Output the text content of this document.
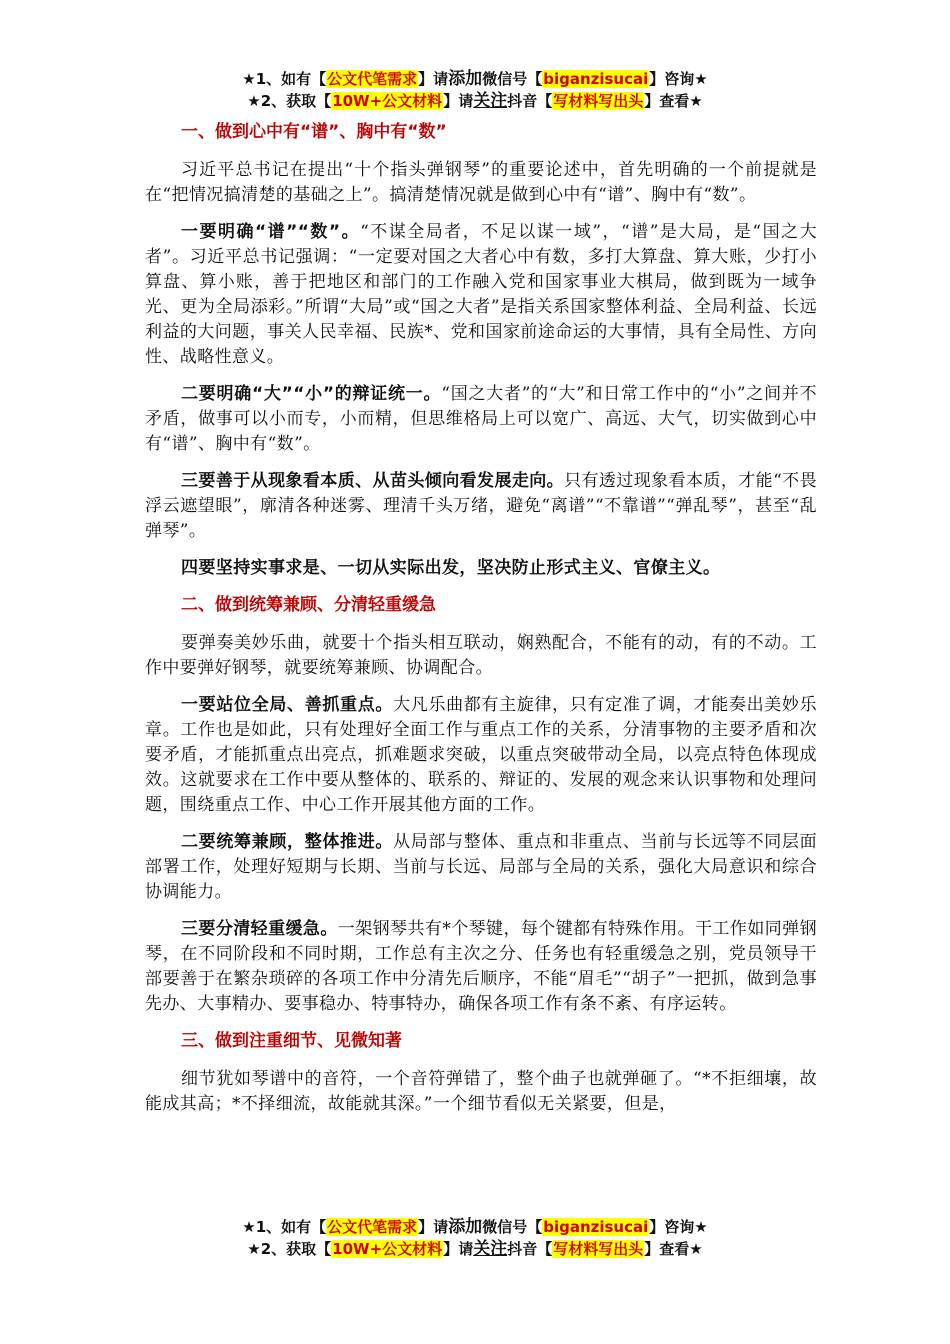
★1、如有【公文代笔需求】请添加微信号【biganzisucai】咨询★
★2、获取【10W+公文材料】请关注抖音【写材料写出头】查看★
一、做到心中有“谱”、胸中有“数”

习近平总书记在提出“十个指头弹钢琴”的重要论述中，首先明确的一个前提就是在“把情况搞清楚的基础之上”。搞清楚情况就是做到心中有“谱”、胸中有“数”。

一要明确“谱”“数”。“不谋全局者，不足以谋一域”，“谱”是大局，是“国之大者”。习近平总书记强调：“一定要对国之大者心中有数，多打大算盘、算大账，少打小算盘、算小账，善于把地区和部门的工作融入党和国家事业大棋局，做到既为一域争光、更为全局添彩。”所谓“大局”或“国之大者”是指关系国家整体利益、全局利益、长远利益的大问题，事关人民幸福、民族*、党和国家前途命运的大事情，具有全局性、方向性、战略性意义。

二要明确“大”“小”的辩证统一。“国之大者”的“大”和日常工作中的“小”之间并不矛盾，做事可以小而专，小而精，但思维格局上可以宽广、高远、大气，切实做到心中有“谱”、胸中有“数”。

三要善于从现象看本质、从苗头倾向看发展走向。只有透过现象看本质，才能“不畏浮云遮望眼”，廓清各种迷雾、理清千头万绪，避免“离谱”“不靠谱”“弹乱琴”，甚至“乱弹琴”。

四要坚持实事求是、一切从实际出发，坚决防止形式主义、官僚主义。

二、做到统筹兼顾、分清轻重缓急

要弹奏美妙乐曲，就要十个指头相互联动，娴熟配合，不能有的动，有的不动。工作中要弹好钢琴，就要统筹兼顾、协调配合。

一要站位全局、善抓重点。大凡乐曲都有主旋律，只有定准了调，才能奏出美妙乐章。工作也是如此，只有处理好全面工作与重点工作的关系，分清事物的主要矛盾和次要矛盾，才能抓重点出亮点，抓难题求突破，以重点突破带动全局，以亮点特色体现成效。这就要求在工作中要从整体的、联系的、辩证的、发展的观念来认识事物和处理问题，围绕重点工作、中心工作开展其他方面的工作。

二要统筹兼顾，整体推进。从局部与整体、重点和非重点、当前与长远等不同层面部署工作，处理好短期与长期、当前与长远、局部与全局的关系，强化大局意识和综合协调能力。

三要分清轻重缓急。一架钢琴共有*个琴键，每个键都有特殊作用。干工作如同弹钢琴，在不同阶段和不同时期，工作总有主次之分、任务也有轻重缓急之别，党员领导干部要善于在繁杂琐碎的各项工作中分清先后顺序，不能“眉毛”“胡子”一把抓，做到急事先办、大事精办、要事稳办、特事特办，确保各项工作有条不紊、有序运转。

三、做到注重细节、见微知著

细节犹如琴谱中的音符，一个音符弹错了，整个曲子也就弹砸了。“*不拒细壤，故能成其高；*不择细流，故能就其深。”一个细节看似无关紧要，但是，

★1、如有【公文代笔需求】请添加微信号【biganzisucai】咨询★
★2、获取【10W+公文材料】请关注抖音【写材料写出头】查看★
